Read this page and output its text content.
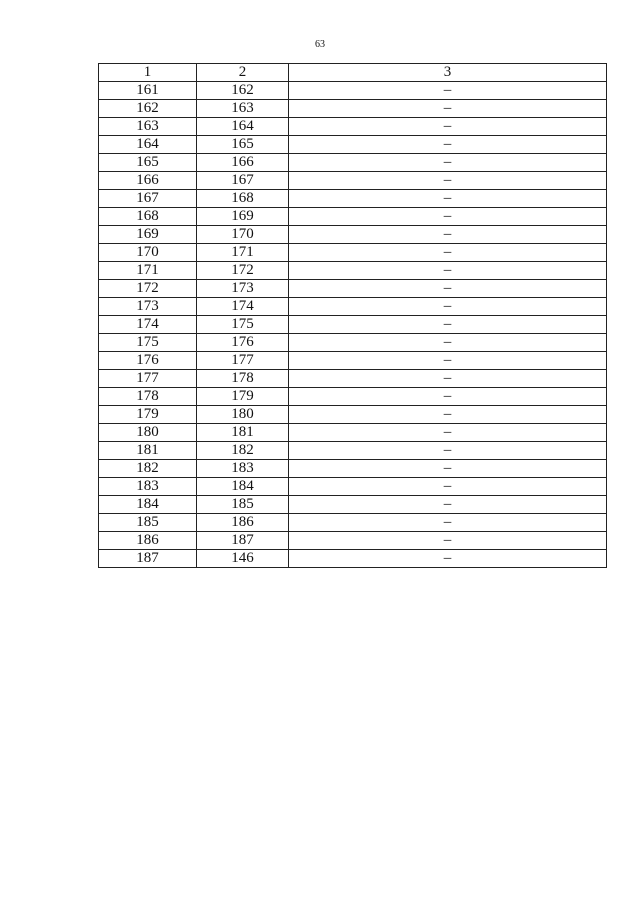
63
1	2	3
161	162	–
162	163	–
163	164	–
164	165	–
165	166	–
166	167	–
167	168	–
168	169	–
169	170	–
170	171	–
171	172	–
172	173	–
173	174	–
174	175	–
175	176	–
176	177	–
177	178	–
178	179	–
179	180	–
180	181	–
181	182	–
182	183	–
183	184	–
184	185	–
185	186	–
186	187	–
187	146	–
